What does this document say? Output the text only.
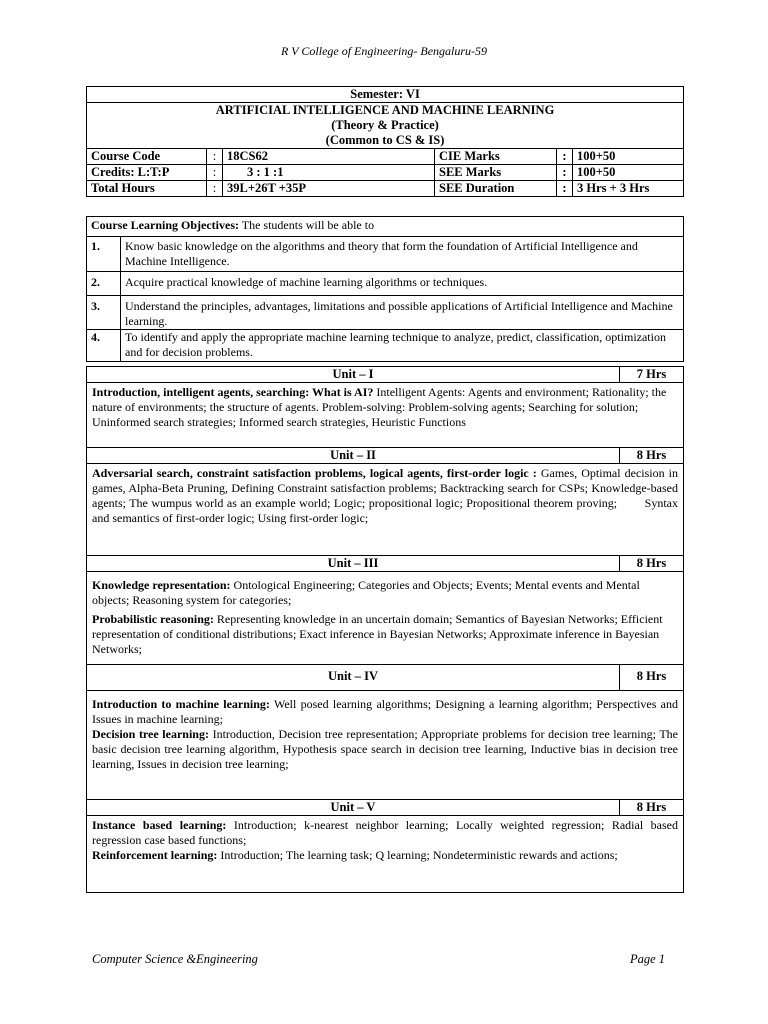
R V College of Engineering- Bengaluru-59
Semester: VI					

ARTIFICIAL INTELLIGENCE AND MACHINE LEARNING
(Theory & Practice)
(Common to CS & IS)					

Course Code	:	18CS62	CIE Marks	:	100+50
Credits: L:T:P	:	3 : 1 :1	SEE Marks	:	100+50
Total Hours	:	39L+26T +35P	SEE Duration	:	3 Hrs + 3 Hrs
Course Learning Objectives: The students will be able to	
1.	Know basic knowledge on the algorithms and theory that form the foundation of Artificial Intelligence and Machine Intelligence.
2.	Acquire practical knowledge of machine learning algorithms or techniques.
3.	Understand the principles, advantages, limitations and possible applications of Artificial Intelligence and Machine learning.
4.	To identify and apply the appropriate machine learning technique to analyze, predict, classification, optimization and for decision problems.
Unit – I	7 Hrs

Introduction, intelligent agents, searching: What is AI? Intelligent Agents: Agents and environment; Rationality; the nature of environments; the structure of agents. Problem-solving: Problem-solving agents; Searching for solution; Uninformed search strategies; Informed search strategies, Heuristic Functions	

Unit – II	8 Hrs

Adversarial search, constraint satisfaction problems, logical agents, first-order logic : Games, Optimal decision in games, Alpha-Beta Pruning, Defining Constraint satisfaction problems; Backtracking search for CSPs; Knowledge-based agents; The wumpus world as an example world; Logic; propositional logic; Propositional theorem proving;        Syntax and semantics of first-order logic; Using first-order logic;	

Unit – III	8 Hrs

Knowledge representation: Ontological Engineering; Categories and Objects; Events; Mental events and Mental objects; Reasoning system for categories;

Probabilistic reasoning: Representing knowledge in an uncertain domain; Semantics of Bayesian Networks; Efficient representation of conditional distributions; Exact inference in Bayesian Networks; Approximate inference in Bayesian Networks;	

Unit – IV	8 Hrs

Introduction to machine learning: Well posed learning algorithms; Designing a learning algorithm; Perspectives and Issues in machine learning;

Decision tree learning: Introduction, Decision tree representation; Appropriate problems for decision tree learning; The basic decision tree learning algorithm, Hypothesis space search in decision tree learning, Inductive bias in decision tree learning, Issues in decision tree learning;	

Unit – V	8 Hrs

Instance based learning: Introduction; k-nearest neighbor learning; Locally weighted regression; Radial based regression case based functions;

Reinforcement learning: Introduction; The learning task; Q learning; Nondeterministic rewards and actions;	

Computer Science &Engineering	Page 1
